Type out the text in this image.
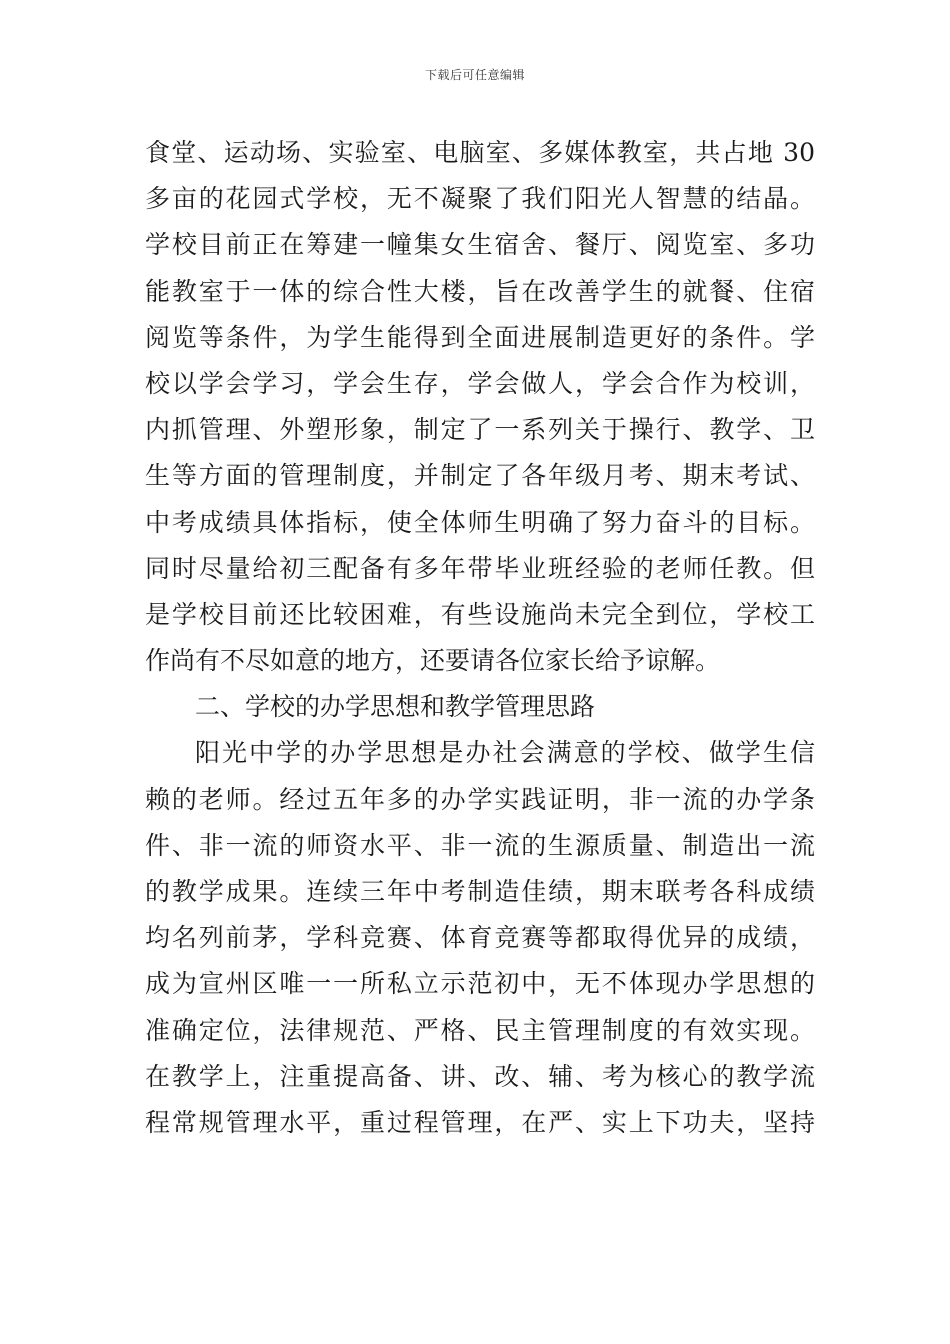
下载后可任意编辑
食堂、运动场、实验室、电脑室、多媒体教室，共占地 30
多亩的花园式学校，无不凝聚了我们阳光人智慧的结晶。
学校目前正在筹建一幢集女生宿舍、餐厅、阅览室、多功
能教室于一体的综合性大楼，旨在改善学生的就餐、住宿
阅览等条件，为学生能得到全面进展制造更好的条件。学
校以学会学习，学会生存，学会做人，学会合作为校训，
内抓管理、外塑形象，制定了一系列关于操行、教学、卫
生等方面的管理制度，并制定了各年级月考、期末考试、
中考成绩具体指标，使全体师生明确了努力奋斗的目标。
同时尽量给初三配备有多年带毕业班经验的老师任教。但
是学校目前还比较困难，有些设施尚未完全到位，学校工
作尚有不尽如意的地方，还要请各位家长给予谅解。
二、学校的办学思想和教学管理思路
阳光中学的办学思想是办社会满意的学校、做学生信
赖的老师。经过五年多的办学实践证明，非一流的办学条
件、非一流的师资水平、非一流的生源质量、制造出一流
的教学成果。连续三年中考制造佳绩，期末联考各科成绩
均名列前茅，学科竞赛、体育竞赛等都取得优异的成绩，
成为宣州区唯一一所私立示范初中，无不体现办学思想的
准确定位，法律规范、严格、民主管理制度的有效实现。
在教学上，注重提高备、讲、改、辅、考为核心的教学流
程常规管理水平，重过程管理，在严、实上下功夫，坚持
